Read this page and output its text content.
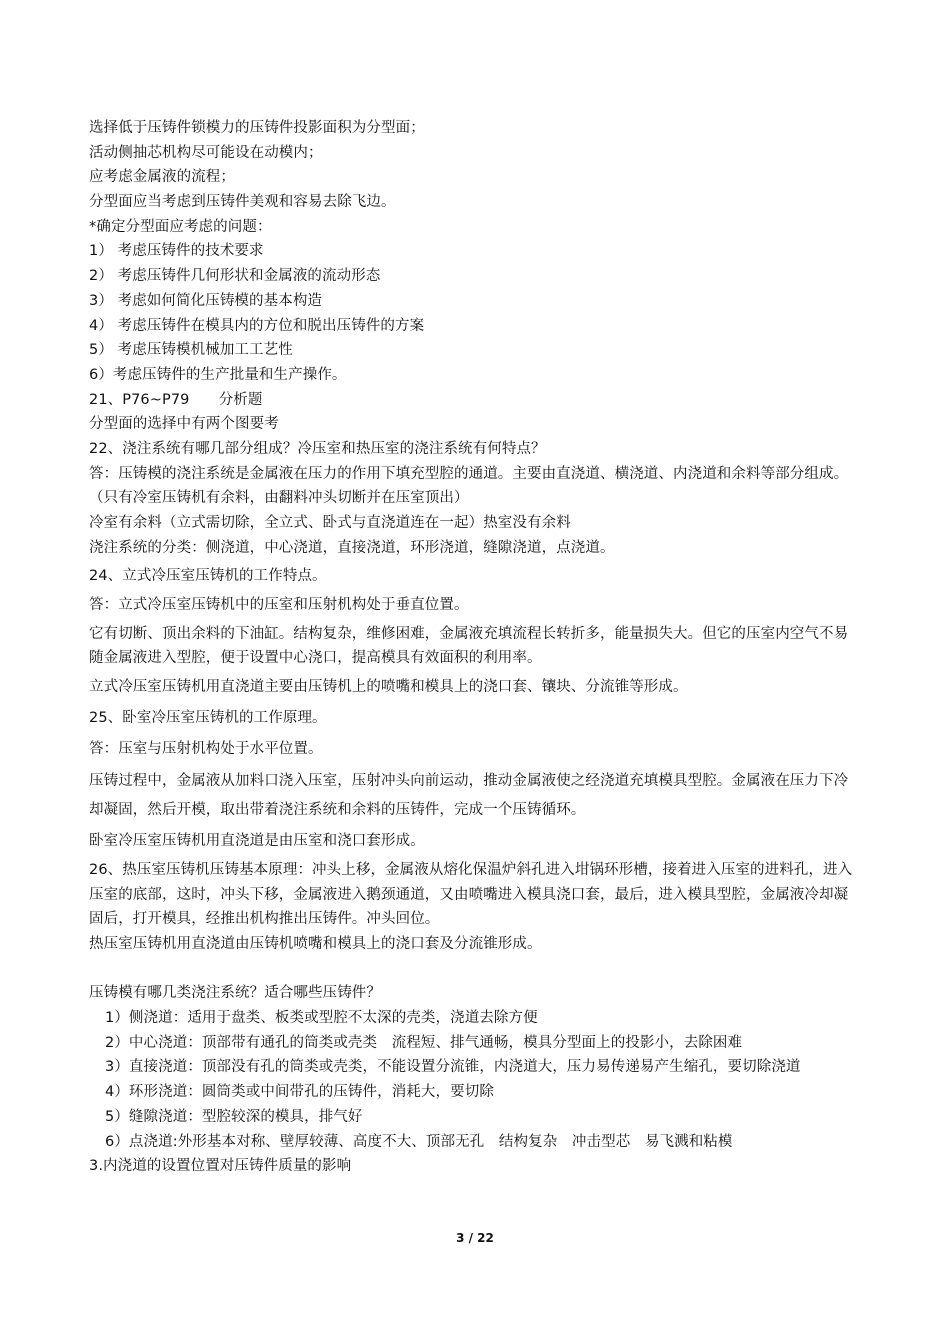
选择低于压铸件锁模力的压铸件投影面积为分型面；
活动侧抽芯机构尽可能设在动模内；
应考虑金属液的流程；
分型面应当考虑到压铸件美观和容易去除飞边。
*确定分型面应考虑的问题：
1） 考虑压铸件的技术要求
2） 考虑压铸件几何形状和金属液的流动形态
3） 考虑如何简化压铸模的基本构造
4） 考虑压铸件在模具内的方位和脱出压铸件的方案
5） 考虑压铸模机械加工工艺性
6）考虑压铸件的生产批量和生产操作。
21、P76~P79　　分析题
分型面的选择中有两个图要考
22、浇注系统有哪几部分组成？冷压室和热压室的浇注系统有何特点？
答：压铸模的浇注系统是金属液在压力的作用下填充型腔的通道。主要由直浇道、横浇道、内浇道和余料等部分组成。
（只有冷室压铸机有余料，由翻料冲头切断并在压室顶出）
冷室有余料（立式需切除，全立式、卧式与直浇道连在一起）热室没有余料
浇注系统的分类：侧浇道，中心浇道，直接浇道，环形浇道，缝隙浇道，点浇道。
24、立式冷压室压铸机的工作特点。
答：立式冷压室压铸机中的压室和压射机构处于垂直位置。
它有切断、顶出余料的下油缸。结构复杂，维修困难，金属液充填流程长转折多，能量损失大。但它的压室内空气不易随金属液进入型腔，便于设置中心浇口，提高模具有效面积的利用率。
立式冷压室压铸机用直浇道主要由压铸机上的喷嘴和模具上的浇口套、镶块、分流锥等形成。
25、卧室冷压室压铸机的工作原理。
答：压室与压射机构处于水平位置。
压铸过程中，金属液从加料口浇入压室，压射冲头向前运动，推动金属液使之经浇道充填模具型腔。金属液在压力下冷却凝固，然后开模，取出带着浇注系统和余料的压铸件，完成一个压铸循环。
卧室冷压室压铸机用直浇道是由压室和浇口套形成。
26、热压室压铸机压铸基本原理：冲头上移，金属液从熔化保温炉斜孔进入坩锅环形槽，接着进入压室的进料孔，进入压室的底部，这时，冲头下移，金属液进入鹅颈通道，又由喷嘴进入模具浇口套，最后，进入模具型腔，金属液冷却凝固后，打开模具，经推出机构推出压铸件。冲头回位。
热压室压铸机用直浇道由压铸机喷嘴和模具上的浇口套及分流锥形成。
压铸模有哪几类浇注系统？适合哪些压铸件？
1）侧浇道：适用于盘类、板类或型腔不太深的壳类，浇道去除方便
2）中心浇道：顶部带有通孔的筒类或壳类　流程短、排气通畅，模具分型面上的投影小，去除困难
3）直接浇道：顶部没有孔的筒类或壳类，不能设置分流锥，内浇道大，压力易传递易产生缩孔，要切除浇道
4）环形浇道：圆筒类或中间带孔的压铸件，消耗大，要切除
5）缝隙浇道：型腔较深的模具，排气好
6）点浇道:外形基本对称、壁厚较薄、高度不大、顶部无孔　结构复杂　冲击型芯　易飞溅和粘模
3.内浇道的设置位置对压铸件质量的影响
3 / 22
